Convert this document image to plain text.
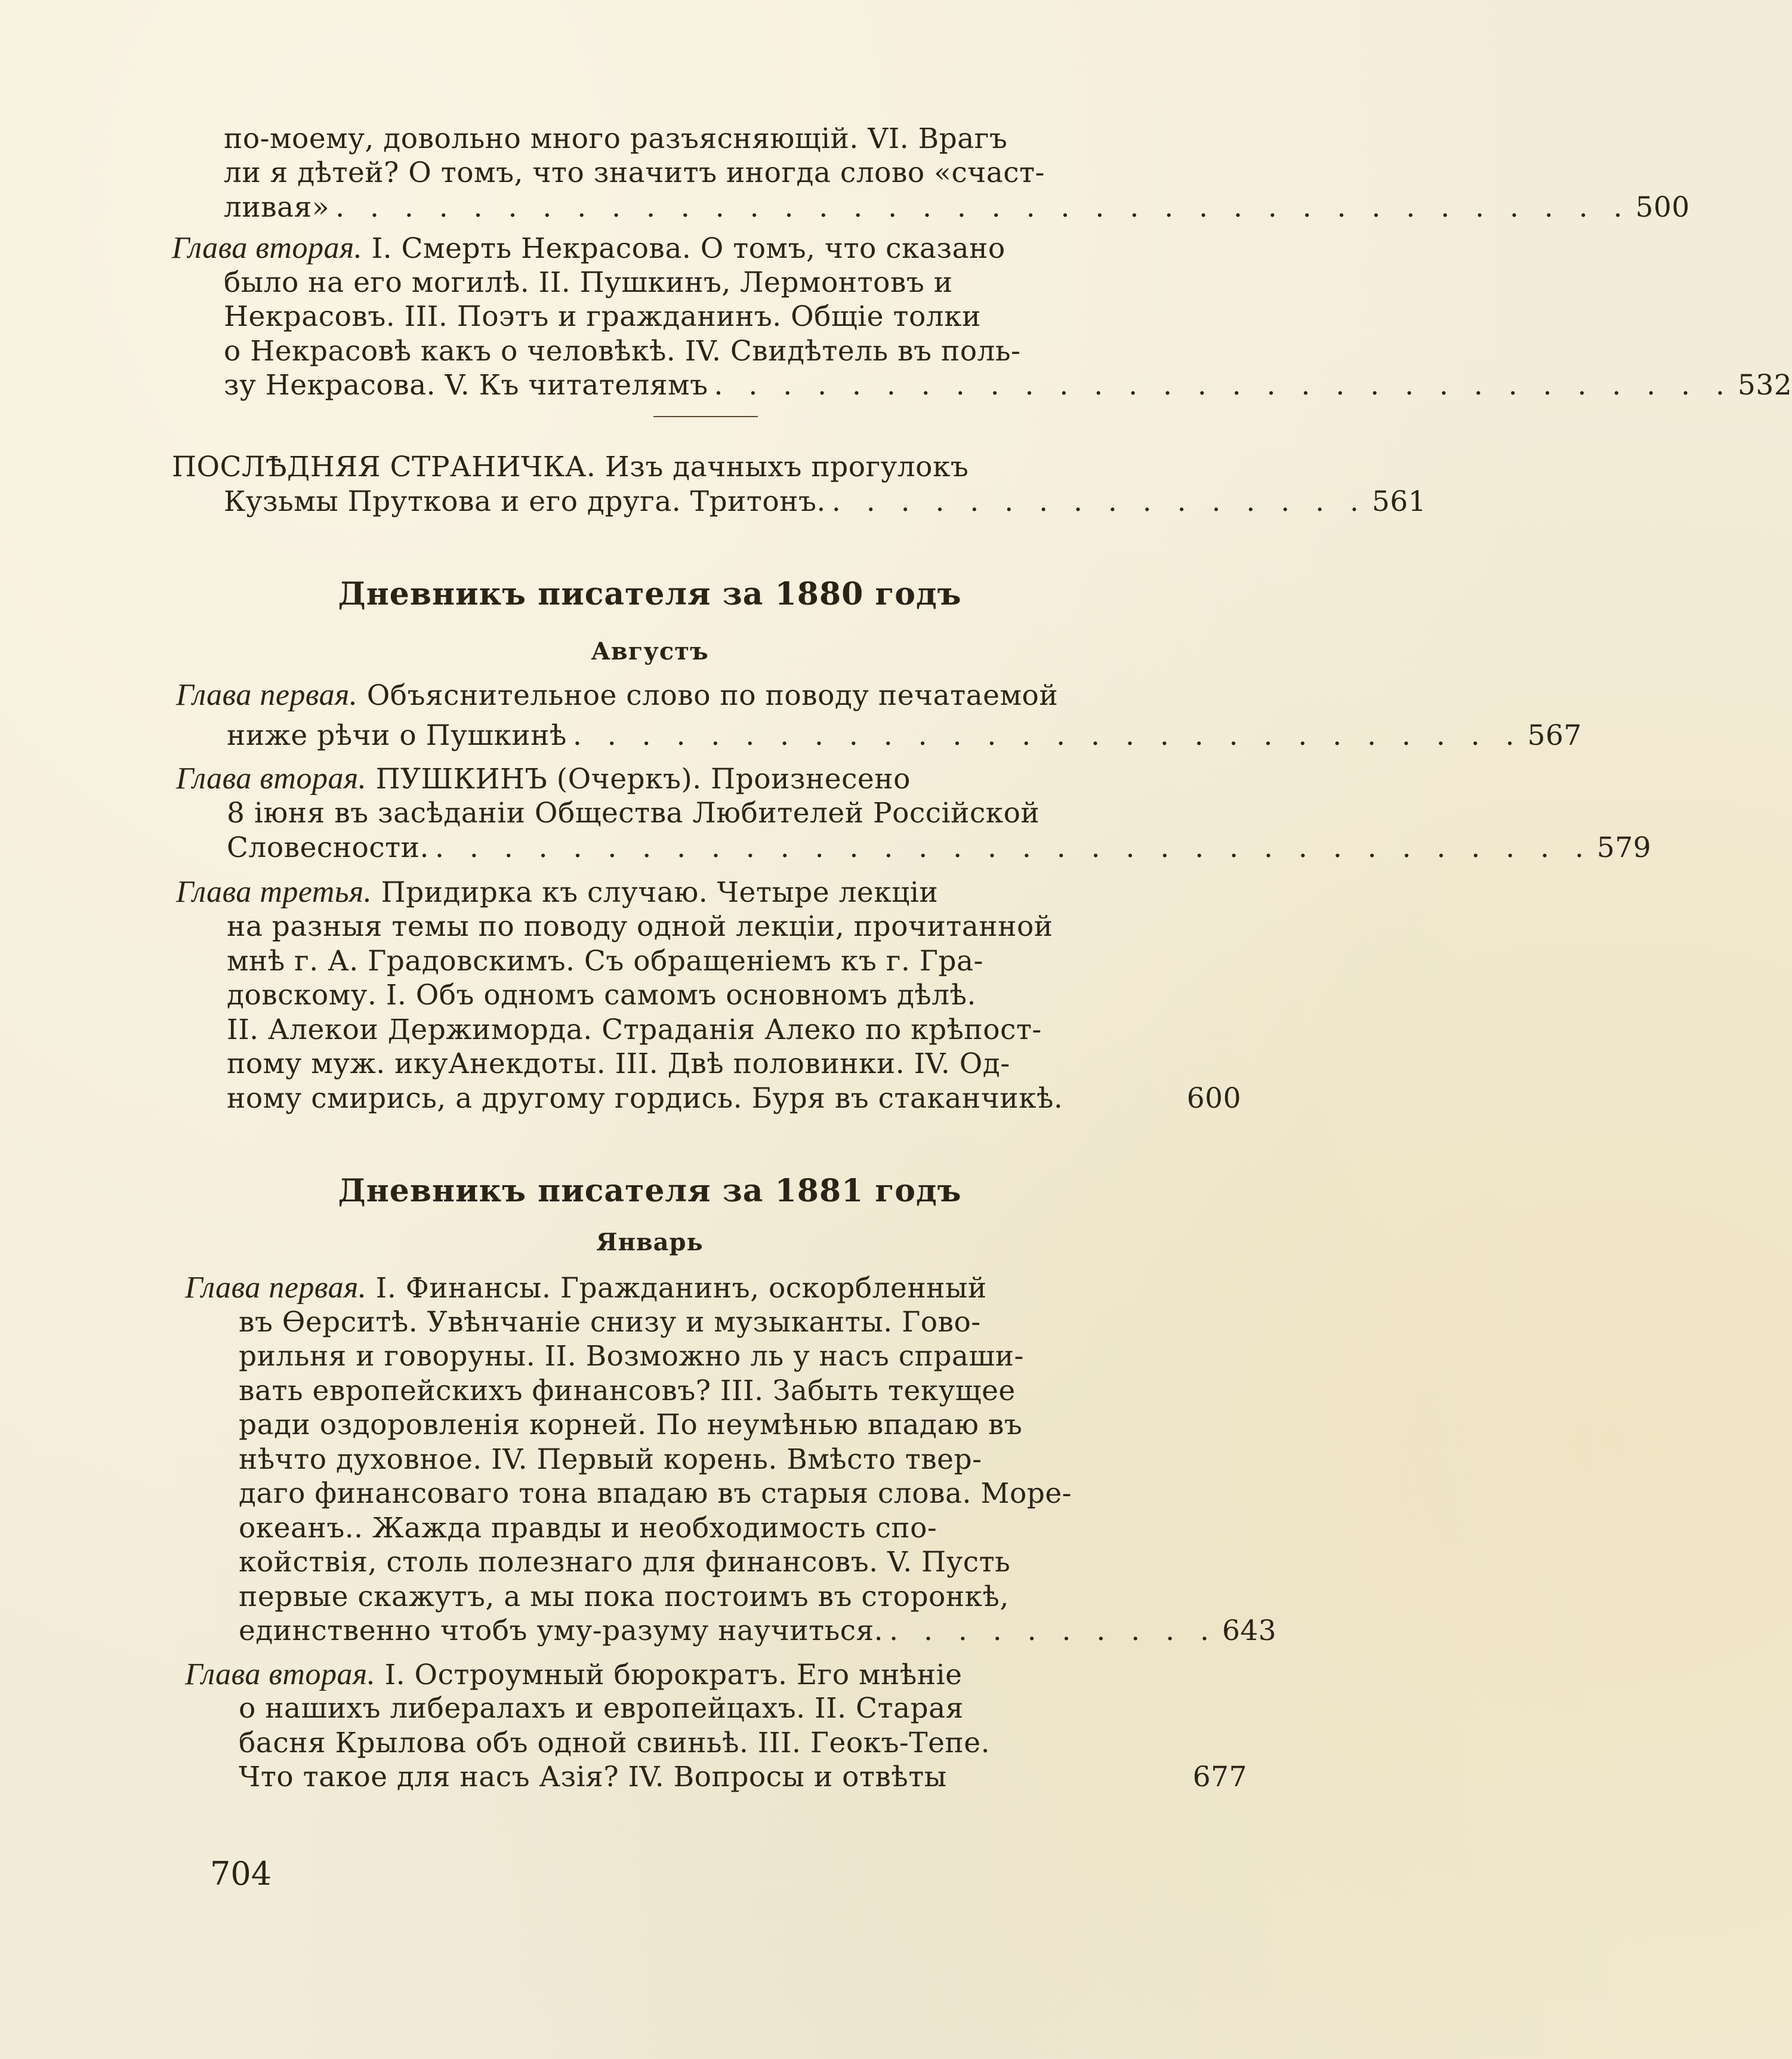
по-моему, довольно много разъясняющій. VI. Врагъ
ли я дѣтей? О томъ, что значитъ иногда слово «счаст-
ливая» . . . . . . . . . . . . . . . . . . . . . . . . . . . . . . . . . . . . . . 500
Глава вторая. I. Смерть Некрасова. О томъ, что сказано
было на его могилѣ. II. Пушкинъ, Лермонтовъ и
Некрасовъ. III. Поэтъ и гражданинъ. Общіе толки
о Некрасовѣ какъ о человѣкѣ. IV. Свидѣтель въ поль-
зу Некрасова. V. Къ читателямъ . . . . . . . . . . . . . . . . . . . . . . . . . . . . . . 532
ПОСЛѢДНЯЯ СТРАНИЧКА. Изъ дачныхъ прогулокъ
Кузьмы Пруткова и его друга. Тритонъ. . . . . . . . . . . . . . . . . 561
Дневникъ писателя за 1880 годъ
Августъ
Глава первая. Объяснительное слово по поводу печатаемой
ниже рѣчи о Пушкинѣ . . . . . . . . . . . . . . . . . . . . . . . . . . . . 567
Глава вторая. ПУШКИНЪ (Очеркъ). Произнесено
8 іюня въ засѣданіи Общества Любителей Россійской
Словесности. . . . . . . . . . . . . . . . . . . . . . . . . . . . . . . . . . . 579
Глава третья. Придирка къ случаю. Четыре лекціи
на разныя темы по поводу одной лекціи, прочитанной
мнѣ г. А. Градовскимъ. Съ обращеніемъ къ г. Гра-
довскому. I. Объ одномъ самомъ основномъ дѣлѣ.
II. Алекои Держиморда. Страданія Алеко по крѣпост-
пому муж. икуАнекдоты. III. Двѣ половинки. IV. Од-
ному смирись, а другому гордись. Буря въ стаканчикѣ.	600
Дневникъ писателя за 1881 годъ
Январь
Глава первая. I. Финансы. Гражданинъ, оскорбленный
въ Ѳерситѣ. Увѣнчаніе снизу и музыканты. Гово-
рильня и говоруны. II. Возможно ль у насъ спраши-
вать европейскихъ финансовъ? III. Забыть текущее
ради оздоровленія корней. По неумѣнью впадаю въ
нѣчто духовное. IV. Первый корень. Вмѣсто твер-
даго финансоваго тона впадаю въ старыя слова. Море-
океанъ.. Жажда правды и необходимость спо-
койствія, столь полезнаго для финансовъ. V. Пусть
первые скажутъ, а мы пока постоимъ въ сторонкѣ,
единственно чтобъ уму-разуму научиться. . . . . . . . . . . 643
Глава вторая. I. Остроумный бюрократъ. Его мнѣніе
о нашихъ либералахъ и европейцахъ. II. Старая
басня Крылова объ одной свиньѣ. III. Геокъ-Тепе.
Что такое для насъ Азія? IV. Вопросы и отвѣты	677
704
